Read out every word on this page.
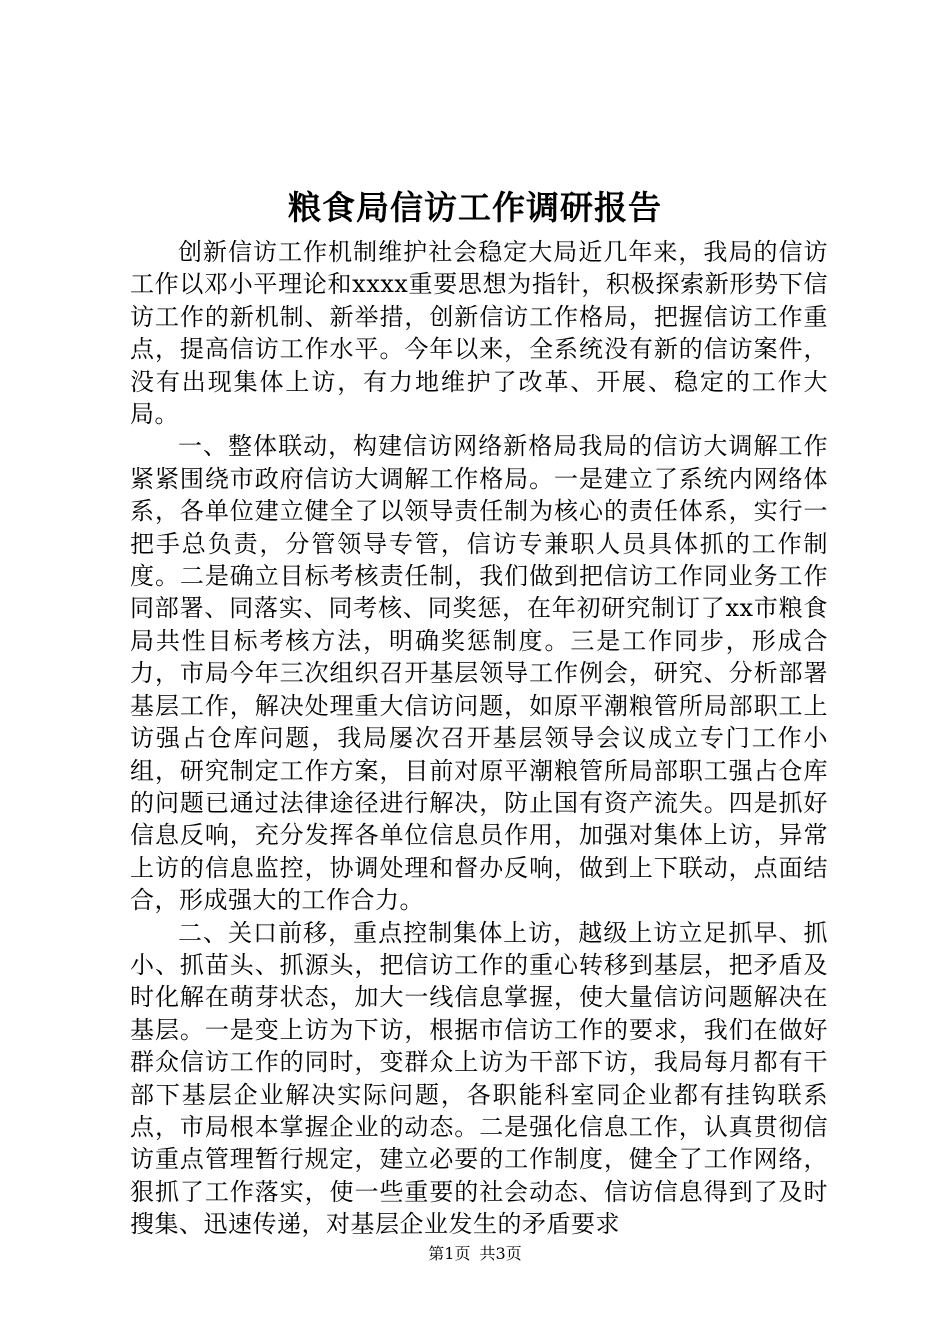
粮食局信访工作调研报告

创新信访工作机制维护社会稳定大局近几年来，我局的信访工作以邓小平理论和xxxx重要思想为指针，积极探索新形势下信访工作的新机制、新举措，创新信访工作格局，把握信访工作重点，提高信访工作水平。今年以来，全系统没有新的信访案件，没有出现集体上访，有力地维护了改革、开展、稳定的工作大局。

一、整体联动，构建信访网络新格局我局的信访大调解工作紧紧围绕市政府信访大调解工作格局。一是建立了系统内网络体系，各单位建立健全了以领导责任制为核心的责任体系，实行一把手总负责，分管领导专管，信访专兼职人员具体抓的工作制度。二是确立目标考核责任制，我们做到把信访工作同业务工作同部署、同落实、同考核、同奖惩，在年初研究制订了xx市粮食局共性目标考核方法，明确奖惩制度。三是工作同步，形成合力，市局今年三次组织召开基层领导工作例会，研究、分析部署基层工作，解决处理重大信访问题，如原平潮粮管所局部职工上访强占仓库问题，我局屡次召开基层领导会议成立专门工作小组，研究制定工作方案，目前对原平潮粮管所局部职工强占仓库的问题已通过法律途径进行解决，防止国有资产流失。四是抓好信息反响，充分发挥各单位信息员作用，加强对集体上访，异常上访的信息监控，协调处理和督办反响，做到上下联动，点面结合，形成强大的工作合力。

二、关口前移，重点控制集体上访，越级上访立足抓早、抓小、抓苗头、抓源头，把信访工作的重心转移到基层，把矛盾及时化解在萌芽状态，加大一线信息掌握，使大量信访问题解决在基层。一是变上访为下访，根据市信访工作的要求，我们在做好群众信访工作的同时，变群众上访为干部下访，我局每月都有干部下基层企业解决实际问题，各职能科室同企业都有挂钩联系点，市局根本掌握企业的动态。二是强化信息工作，认真贯彻信访重点管理暂行规定，建立必要的工作制度，健全了工作网络，狠抓了工作落实，使一些重要的社会动态、信访信息得到了及时搜集、迅速传递，对基层企业发生的矛盾要求

第1页 共3页
